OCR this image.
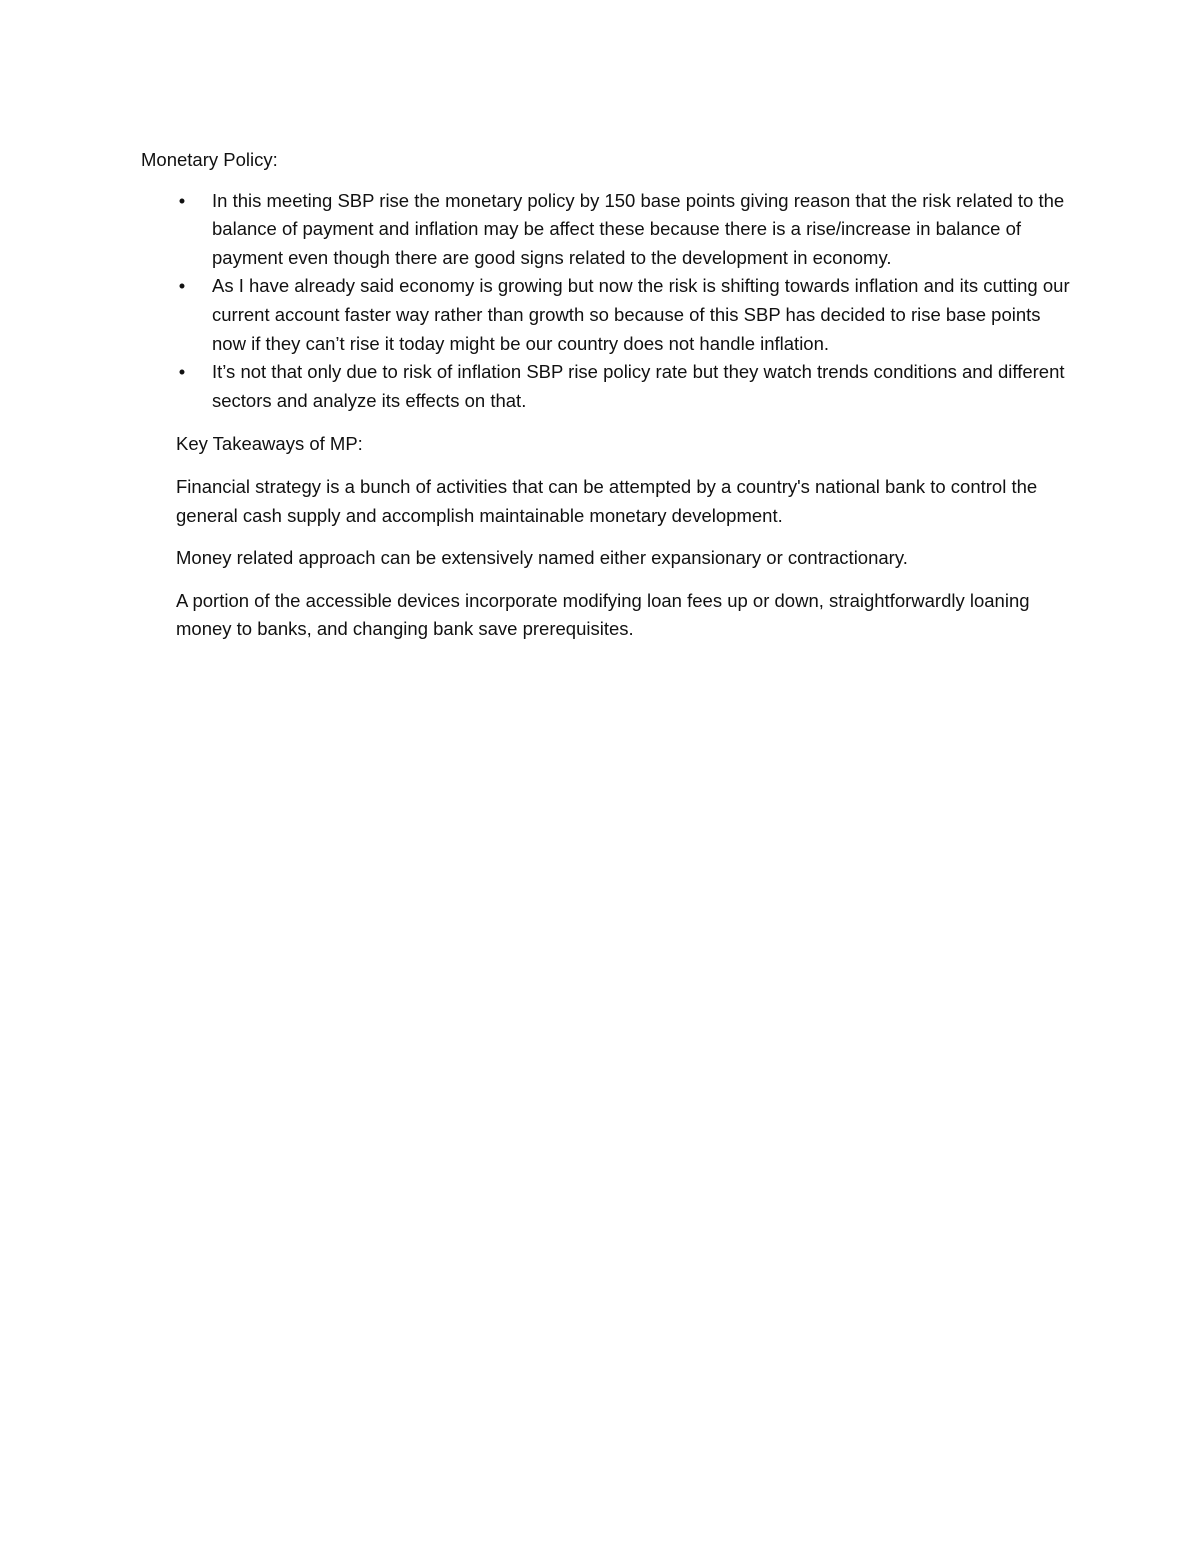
Monetary Policy:

• In this meeting SBP rise the monetary policy by 150 base points giving reason that the risk related to the balance of payment and inflation may be affect these because there is a rise/increase in balance of payment even though there are good signs related to the development in economy.
• As I have already said economy is growing but now the risk is shifting towards inflation and its cutting our current account faster way rather than growth so because of this SBP has decided to rise base points now if they can’t rise it today might be our country does not handle inflation.
• It’s not that only due to risk of inflation SBP rise policy rate but they watch trends conditions and different sectors and analyze its effects on that.

Key Takeaways of MP:

Financial strategy is a bunch of activities that can be attempted by a country's national bank to control the general cash supply and accomplish maintainable monetary development.

Money related approach can be extensively named either expansionary or contractionary.

A portion of the accessible devices incorporate modifying loan fees up or down, straightforwardly loaning money to banks, and changing bank save prerequisites.
